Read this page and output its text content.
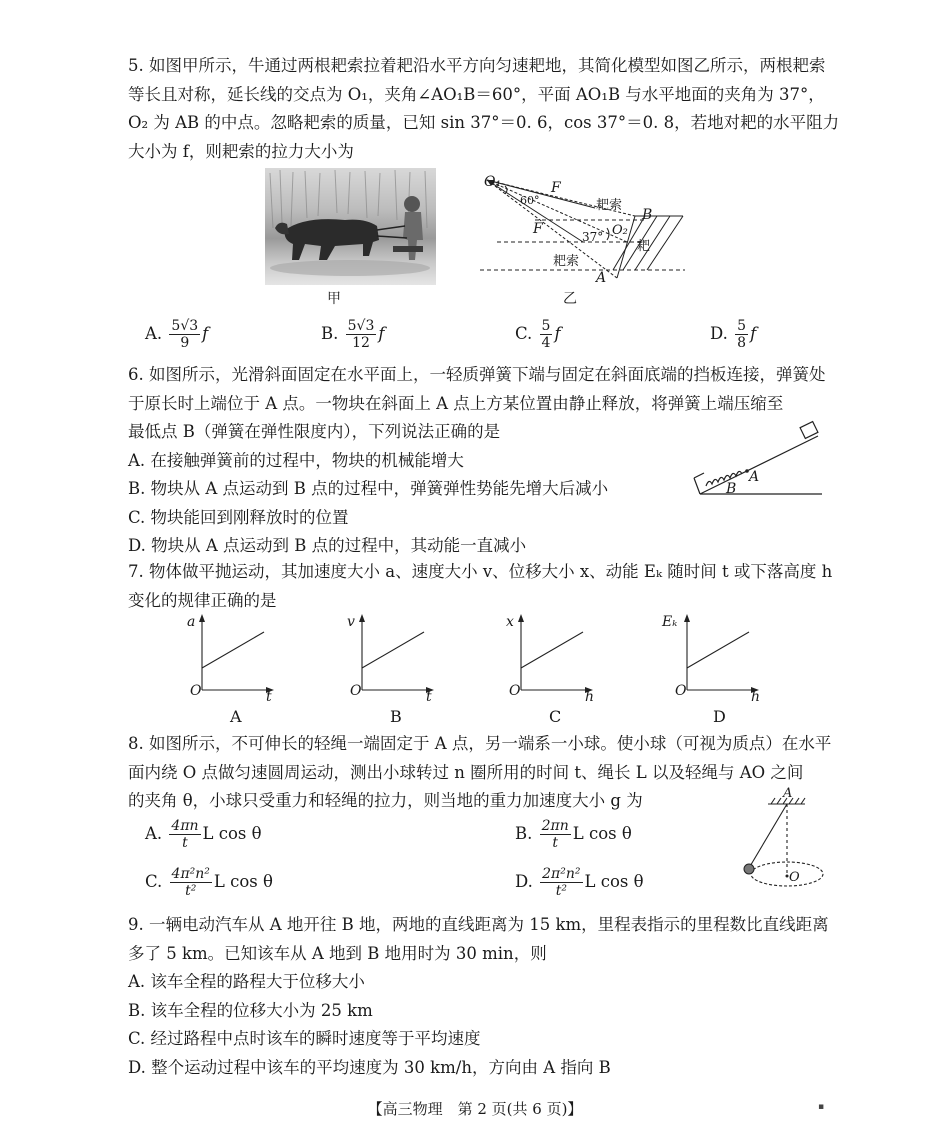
5. 如图甲所示，牛通过两根耙索拉着耙沿水平方向匀速耙地，其简化模型如图乙所示，两根耙索

等长且对称，延长线的交点为 O₁，夹角∠AO₁B＝60°，平面 AO₁B 与水平地面的夹角为 37°，

O₂ 为 AB 的中点。忽略耙索的质量，已知 sin 37°＝0. 6，cos 37°＝0. 8，若地对耙的水平阻力

大小为 f，则耙索的拉力大小为

甲
O₁	F
60°	耙索
B
F	37° O₂
耙
耙索
A
乙
A. $\frac{5√3}{9}$ f	B. $\frac{5√3}{12}$ f	C. $\frac{5}{4}$ f	D. $\frac{5}{8}$ f

6. 如图所示，光滑斜面固定在水平面上，一轻质弹簧下端与固定在斜面底端的挡板连接，弹簧处

于原长时上端位于 A 点。一物块在斜面上 A 点上方某位置由静止释放，将弹簧上端压缩至

最低点 B（弹簧在弹性限度内），下列说法正确的是

A. 在接触弹簧前的过程中，物块的机械能增大

B. 物块从 A 点运动到 B 点的过程中，弹簧弹性势能先增大后减小

C. 物块能回到刚释放时的位置

D. 物块从 A 点运动到 B 点的过程中，其动能一直减小

A
B

7. 物体做平抛运动，其加速度大小 a、速度大小 v、位移大小 x、动能 Eₖ 随时间 t 或下落高度 h

变化的规律正确的是

a
O	t
A
v
O	t
B
x
O	h
C
Eₖ
O	h
D

8. 如图所示，不可伸长的轻绳一端固定于 A 点，另一端系一小球。使小球（可视为质点）在水平

面内绕 O 点做匀速圆周运动，测出小球转过 n 圈所用的时间 t、绳长 L 以及轻绳与 AO 之间

的夹角 θ，小球只受重力和轻绳的拉力，则当地的重力加速度大小 g 为

A. $\frac{4\pi n}{t}$ L cos θ	B. $\frac{2\pi n}{t}$ L cos θ
C. $\frac{\text{4π²n²}}{\text{t²}}$ L cos θ	D. $\frac{\text{2π²n²}}{\text{t²}}$ L cos θ
A
O

9. 一辆电动汽车从 A 地开往 B 地，两地的直线距离为 15 km，里程表指示的里程数比直线距离

多了 5 km。已知该车从 A 地到 B 地用时为 30 min，则

A. 该车全程的路程大于位移大小

B. 该车全程的位移大小为 25 km

C. 经过路程中点时该车的瞬时速度等于平均速度

D. 整个运动过程中该车的平均速度为 30 km/h，方向由 A 指向 B

【高三物理　第 2 页(共 6 页)】	▪
